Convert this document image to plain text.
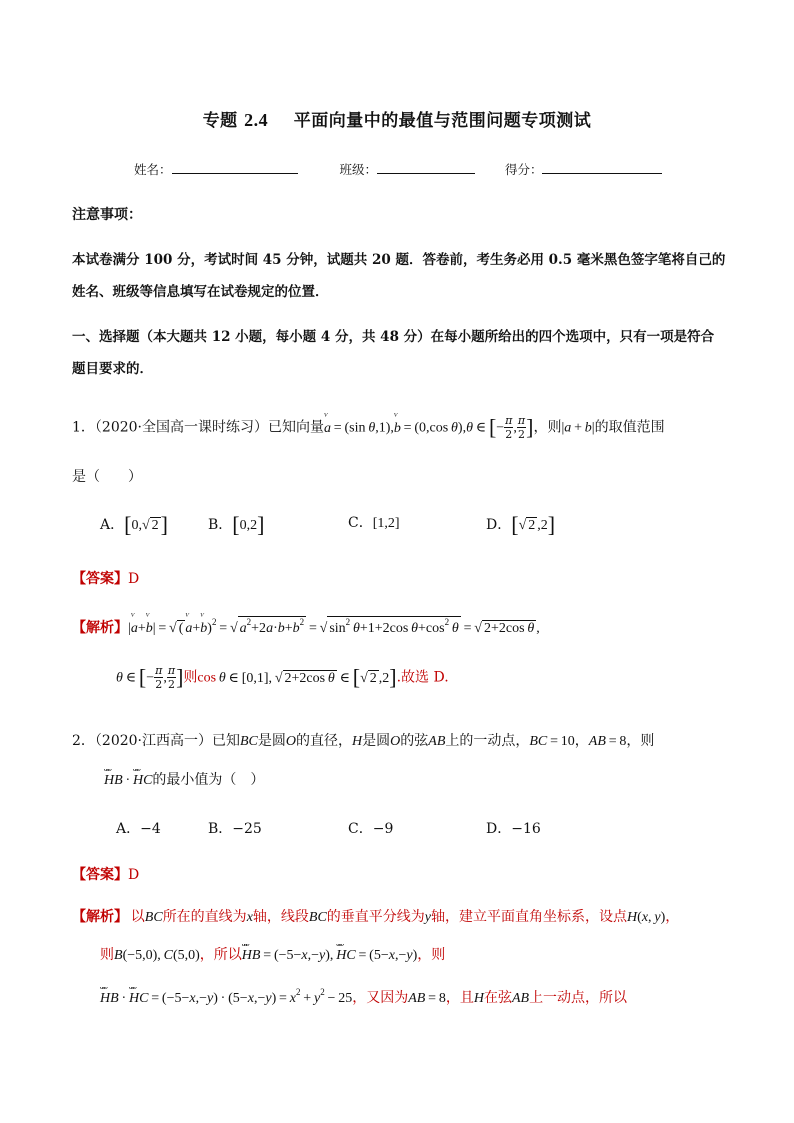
专题 2.4 平面向量中的最值与范围问题专项测试
姓名：	班级：	得分：
注意事项：
本试卷满分 100 分，考试时间 45 分钟，试题共 20 题．答卷前，考生务必用 0.5 毫米黑色签字笔将自己的
姓名、班级等信息填写在试卷规定的位置．
一、选择题（本大题共 12 小题，每小题 4 分，共 48 分）在每小题所给出的四个选项中，只有一项是符合
题目要求的．
1．（2020·全国高一课时练习）已知向量ⱽ a = (sin θ,1),ⱽ b = (0,cos θ),θ ∈ [− $\frac{\pi}{2}$ , $\frac{\pi}{2}$ ]，则|a + b|的取值范围
是（　　）
A．[0,√ 2]	B．[0,2]	C．[1,2]	D．[√ 2 ,2]
【答案】D
【解析】|ⱽ a+ⱽ b| = √ (ⱽ a+ⱽ b)$^2$ = √ $a^2+2a\cdot b+b^2$ = √ $\sin^2 \theta+1+2\cos$ $\theta+\cos^2$  θ = √ 2+2cos θ ,
θ ∈ [− $\frac{\pi}{2}$ , $\frac{\pi}{2}$ ]则cos θ ∈ [0,1], √ 2+2cos θ ∈ [√ 2 ,2].故选 D.
2．（2020·江西高一）已知BC是圆O的直径，H是圆O的弦AB上的一动点，BC = 10，AB = 8，则
ᴗᴗᴗ HB · ᴗᴗᴗ HC的最小值为（　）
A．−4	B．−25	C．−9	D．−16
【答案】D
【解析】  以BC所在的直线为x轴，线段BC的垂直平分线为y轴，建立平面直角坐标系，设点H(x, y)，
则B(−5,0), C(5,0)，所以ᴗᴗᴗ HB = (−5−x,−y), ᴗᴗᴗ HC = (5−x,−y)，则
ᴗᴗᴗ HB · ᴗᴗᴗ HC = $(-5-x,-y) \cdot (5-x,-y) = x^2 + y^2 - 25$，又因为AB = 8，且H在弦AB上一动点，所以
